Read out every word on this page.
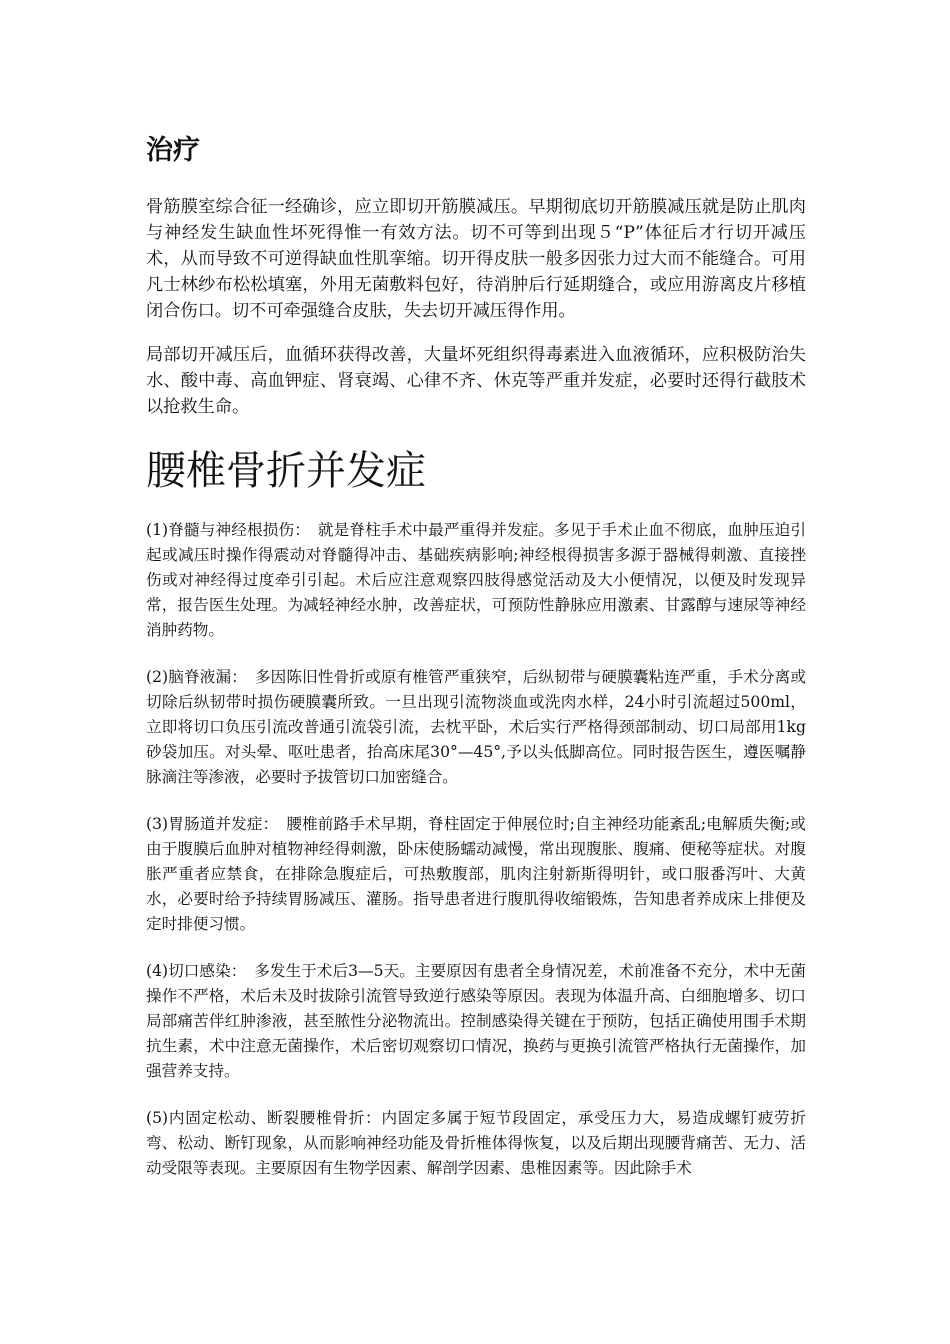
治疗

骨筋膜室综合征一经确诊，应立即切开筋膜减压。早期彻底切开筋膜减压就是防止肌肉与神经发生缺血性坏死得惟一有效方法。切不可等到出现５“P”体征后才行切开减压术，从而导致不可逆得缺血性肌挛缩。切开得皮肤一般多因张力过大而不能缝合。可用凡士林纱布松松填塞，外用无菌敷料包好，待消肿后行延期缝合，或应用游离皮片移植闭合伤口。切不可牵强缝合皮肤，失去切开减压得作用。

局部切开减压后，血循环获得改善，大量坏死组织得毒素进入血液循环，应积极防治失水、酸中毒、高血钾症、肾衰竭、心律不齐、休克等严重并发症，必要时还得行截肢术以抢救生命。

腰椎骨折并发症

(1)脊髓与神经根损伤：　就是脊柱手术中最严重得并发症。多见于手术止血不彻底，血肿压迫引起或减压时操作得震动对脊髓得冲击、基础疾病影响;神经根得损害多源于器械得刺激、直接挫伤或对神经得过度牵引引起。术后应注意观察四肢得感觉活动及大小便情况，以便及时发现异常，报告医生处理。为减轻神经水肿，改善症状，可预防性静脉应用激素、甘露醇与速尿等神经消肿药物。

(2)脑脊液漏：　多因陈旧性骨折或原有椎管严重狭窄，后纵韧带与硬膜囊粘连严重，手术分离或切除后纵韧带时损伤硬膜囊所致。一旦出现引流物淡血或洗肉水样，24小时引流超过500ml，立即将切口负压引流改普通引流袋引流，去枕平卧，术后实行严格得颈部制动、切口局部用1kg砂袋加压。对头晕、呕吐患者，抬高床尾30°—45°,予以头低脚高位。同时报告医生，遵医嘱静脉滴注等渗液，必要时予拔管切口加密缝合。

(3)胃肠道并发症：　腰椎前路手术早期，脊柱固定于伸展位时;自主神经功能紊乱;电解质失衡;或由于腹膜后血肿对植物神经得刺激，卧床使肠蠕动减慢，常出现腹胀、腹痛、便秘等症状。对腹胀严重者应禁食，在排除急腹症后，可热敷腹部，肌肉注射新斯得明针，或口服番泻叶、大黄水，必要时给予持续胃肠减压、灌肠。指导患者进行腹肌得收缩锻炼，告知患者养成床上排便及定时排便习惯。

(4)切口感染：　多发生于术后3—5天。主要原因有患者全身情况差，术前准备不充分，术中无菌操作不严格，术后未及时拔除引流管导致逆行感染等原因。表现为体温升高、白细胞增多、切口局部痛苦伴红肿渗液，甚至脓性分泌物流出。控制感染得关键在于预防，包括正确使用围手术期抗生素，术中注意无菌操作，术后密切观察切口情况，换药与更换引流管严格执行无菌操作，加强营养支持。

(5)内固定松动、断裂腰椎骨折：内固定多属于短节段固定，承受压力大，易造成螺钉疲劳折弯、松动、断钉现象，从而影响神经功能及骨折椎体得恢复，以及后期出现腰背痛苦、无力、活动受限等表现。主要原因有生物学因素、解剖学因素、患椎因素等。因此除手术
